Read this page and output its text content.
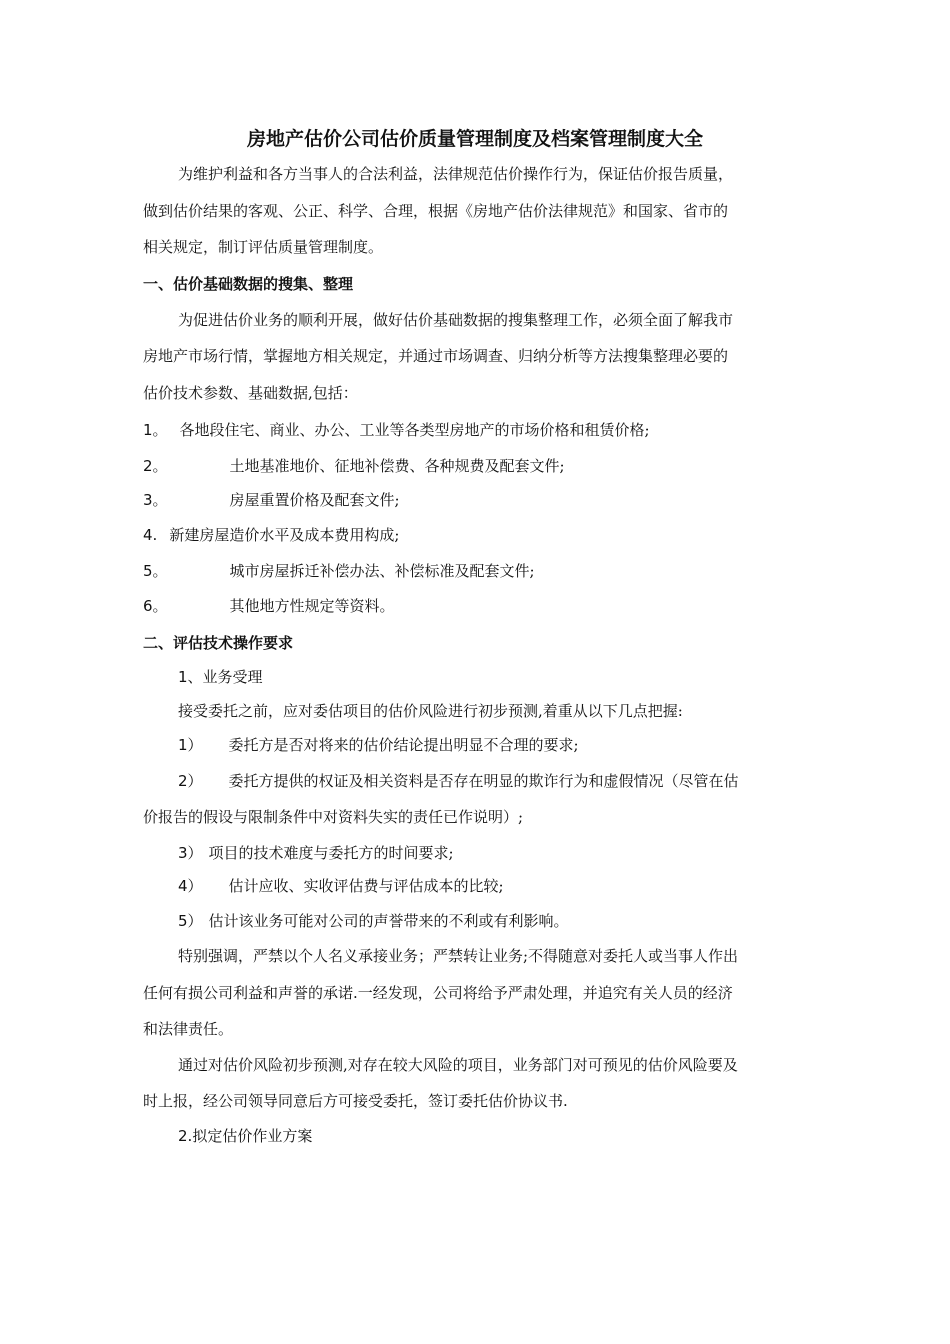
房地产估价公司估价质量管理制度及档案管理制度大全
为维护利益和各方当事人的合法利益，法律规范估价操作行为，保证估价报告质量，
做到估价结果的客观、公正、科学、合理，根据《房地产估价法律规范》和国家、省市的
相关规定，制订评估质量管理制度。
一、估价基础数据的搜集、整理
为促进估价业务的顺利开展，做好估价基础数据的搜集整理工作，必须全面了解我市
房地产市场行情，掌握地方相关规定，并通过市场调查、归纳分析等方法搜集整理必要的
估价技术参数、基础数据,包括：
1。 各地段住宅、商业、办公、工业等各类型房地产的市场价格和租赁价格;
2。	土地基准地价、征地补偿费、各种规费及配套文件;
3。	房屋重置价格及配套文件;
4. 新建房屋造价水平及成本费用构成;
5。	城市房屋拆迁补偿办法、补偿标准及配套文件;
6。	其他地方性规定等资料。
二、评估技术操作要求
1、业务受理
接受委托之前，应对委估项目的估价风险进行初步预测,着重从以下几点把握:
1） 委托方是否对将来的估价结论提出明显不合理的要求;
2） 委托方提供的权证及相关资料是否存在明显的欺诈行为和虚假情况（尽管在估
价报告的假设与限制条件中对资料失实的责任已作说明）;
3） 项目的技术难度与委托方的时间要求;
4） 估计应收、实收评估费与评估成本的比较;
5） 估计该业务可能对公司的声誉带来的不利或有利影响。
特别强调，严禁以个人名义承接业务；严禁转让业务;不得随意对委托人或当事人作出
任何有损公司利益和声誉的承诺.一经发现，公司将给予严肃处理，并追究有关人员的经济
和法律责任。
通过对估价风险初步预测,对存在较大风险的项目，业务部门对可预见的估价风险要及
时上报，经公司领导同意后方可接受委托，签订委托估价协议书.
2.拟定估价作业方案
